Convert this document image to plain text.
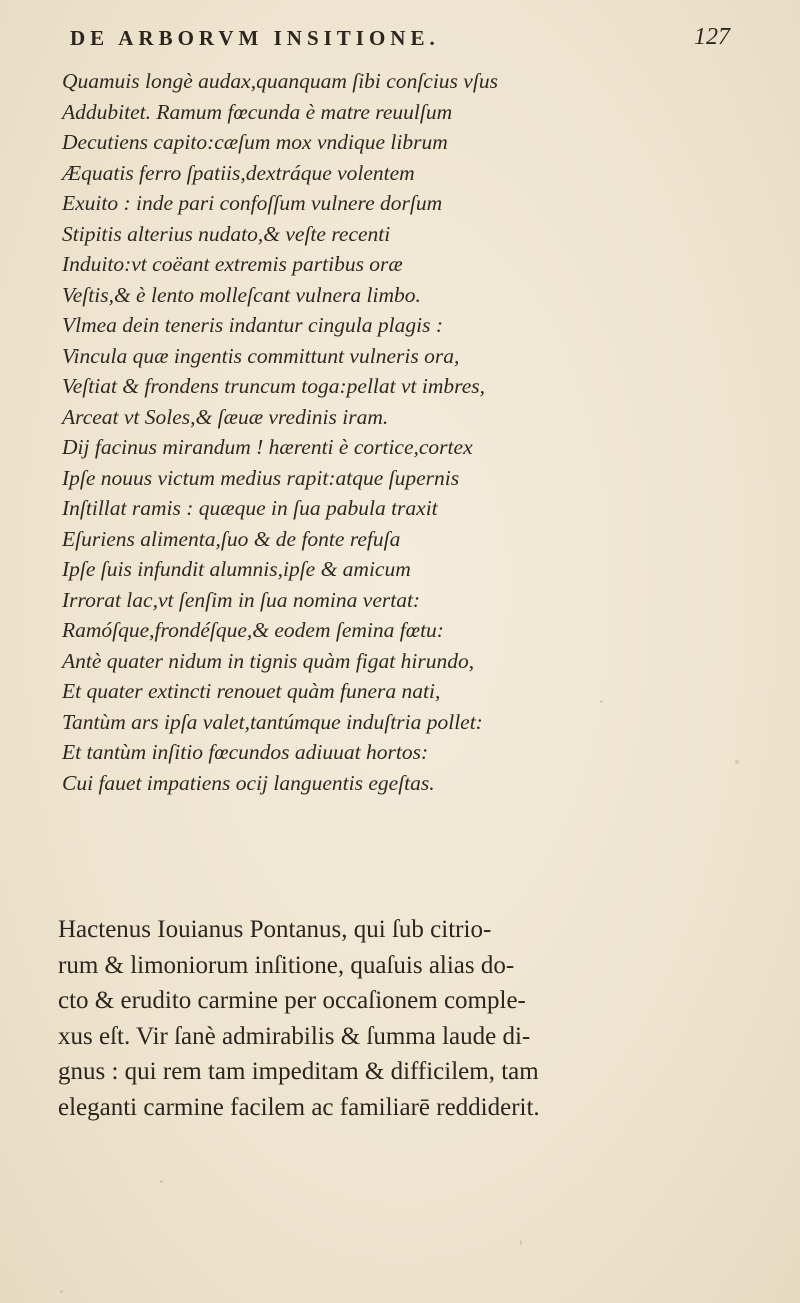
DE ARBORVM INSITIONE.	127
Quamuis longè audax,quanquam ſibi conſcius vſus
Addubitet. Ramum fœcunda è matre reuulſum
Decutiens capito:cæſum mox vndique librum
Æquatis ferro ſpatiis,dextráque volentem
Exuito : inde pari confoſſum vulnere dorſum
Stipitis alterius nudato,& veſte recenti
Induito:vt coëant extremis partibus oræ
Veſtis,& è lento molleſcant vulnera limbo.
Vlmea dein teneris indantur cingula plagis :
Vincula quæ ingentis committunt vulneris ora,
Veſtiat & frondens truncum toga:pellat vt imbres,
Arceat vt Soles,& ſæuæ vredinis iram.
Dij facinus mirandum ! hærenti è cortice,cortex
Ipſe nouus victum medius rapit:atque ſupernis
Inſtillat ramis : quæque in ſua pabula traxit
Eſuriens alimenta,ſuo & de fonte refuſa
Ipſe ſuis infundit alumnis,ipſe & amicum
Irrorat lac,vt ſenſim in ſua nomina vertat:
Ramóſque,frondéſque,& eodem ſemina fœtu:
Antè quater nidum in tignis quàm figat hirundo,
Et quater extincti renouet quàm funera nati,
Tantùm ars ipſa valet,tantúmque induſtria pollet:
Et tantùm inſitio fœcundos adiuuat hortos:
Cui fauet impatiens ocij languentis egeſtas.
Hactenus Iouianus Pontanus, qui ſub citrio-
rum & limoniorum inſitione, quaſuis alias do-
cto & erudito carmine per occaſionem comple-
xus eſt. Vir ſanè admirabilis & ſumma laude di-
gnus : qui rem tam impeditam & difficilem, tam
eleganti carmine facilem ac familiarē reddiderit.
